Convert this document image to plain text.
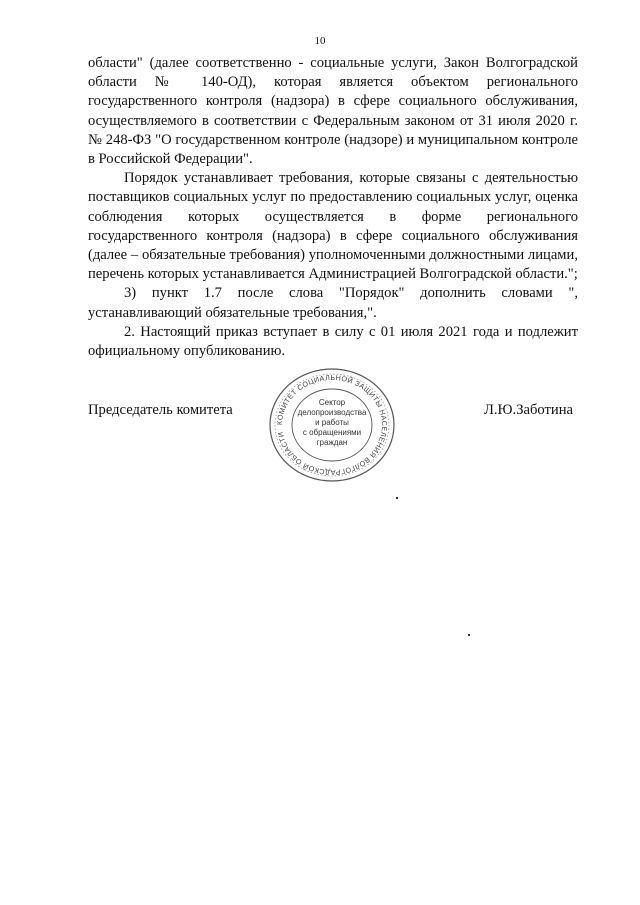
10

области" (далее соответственно - социальные услуги, Закон Волгоградской области № 140-ОД), которая является объектом регионального государственного контроля (надзора) в сфере социального обслуживания, осуществляемого в соответствии с Федеральным законом от 31 июля 2020 г. № 248-ФЗ "О государственном контроле (надзоре) и муниципальном контроле в Российской Федерации".

Порядок устанавливает требования, которые связаны с деятельностью поставщиков социальных услуг по предоставлению социальных услуг, оценка соблюдения которых осуществляется в форме регионального государственного контроля (надзора) в сфере социального обслуживания (далее – обязательные требования) уполномоченными должностными лицами, перечень которых устанавливается Администрацией Волгоградской области.";

3) пункт 1.7 после слова "Порядок" дополнить словами ", устанавливающий обязательные требования,".

2. Настоящий приказ вступает в силу с 01 июля 2021 года и подлежит официальному опубликованию.

Председатель комитета	Л.Ю.Заботина
КОМИТЕТ СОЦИАЛЬНОЙ ЗАЩИТЫ НАСЕЛЕНИЯ ВОЛГОГРАДСКОЙ ОБЛАСТИ
Сектор
делопроизводства
и работы
с обращениями
граждан
